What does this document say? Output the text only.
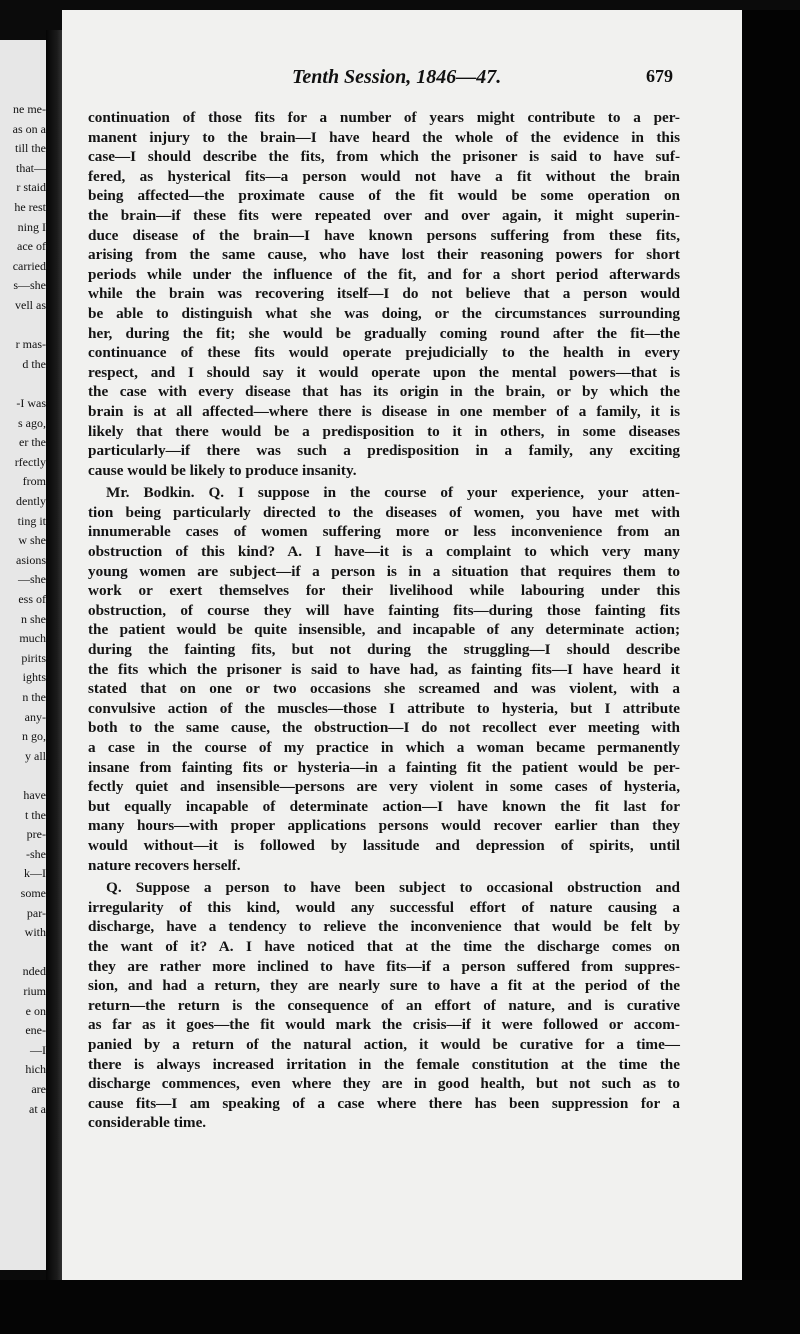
ne me-
as on a
till the
that—
r staid
he rest
ning I
ace of
carried
s—she
vell as
r mas-
d the
-I was
s ago,
er the
rfectly
from
dently
ting it
w she
asions
—she
ess of
n she
much
pirits
ights
n the
any-
n go,
y all
have
t the
pre-
-she
k—I
some
par-
with
nded
rium
e on
ene-
—I
hich
are
at a
Tenth Session, 1846—47.	679
continuation of those fits for a number of years might contribute to a per-
manent injury to the brain—I have heard the whole of the evidence in this
case—I should describe the fits, from which the prisoner is said to have suf-
fered, as hysterical fits—a person would not have a fit without the brain
being affected—the proximate cause of the fit would be some operation on
the brain—if these fits were repeated over and over again, it might superin-
duce disease of the brain—I have known persons suffering from these fits,
arising from the same cause, who have lost their reasoning powers for short
periods while under the influence of the fit, and for a short period afterwards
while the brain was recovering itself—I do not believe that a person would
be able to distinguish what she was doing, or the circumstances surrounding
her, during the fit; she would be gradually coming round after the fit—the
continuance of these fits would operate prejudicially to the health in every
respect, and I should say it would operate upon the mental powers—that is
the case with every disease that has its origin in the brain, or by which the
brain is at all affected—where there is disease in one member of a family, it is
likely that there would be a predisposition to it in others, in some diseases
particularly—if there was such a predisposition in a family, any exciting
cause would be likely to produce insanity.
Mr. Bodkin. Q. I suppose in the course of your experience, your atten-
tion being particularly directed to the diseases of women, you have met with
innumerable cases of women suffering more or less inconvenience from an
obstruction of this kind? A. I have—it is a complaint to which very many
young women are subject—if a person is in a situation that requires them to
work or exert themselves for their livelihood while labouring under this
obstruction, of course they will have fainting fits—during those fainting fits
the patient would be quite insensible, and incapable of any determinate action;
during the fainting fits, but not during the struggling—I should describe
the fits which the prisoner is said to have had, as fainting fits—I have heard it
stated that on one or two occasions she screamed and was violent, with a
convulsive action of the muscles—those I attribute to hysteria, but I attribute
both to the same cause, the obstruction—I do not recollect ever meeting with
a case in the course of my practice in which a woman became permanently
insane from fainting fits or hysteria—in a fainting fit the patient would be per-
fectly quiet and insensible—persons are very violent in some cases of hysteria,
but equally incapable of determinate action—I have known the fit last for
many hours—with proper applications persons would recover earlier than they
would without—it is followed by lassitude and depression of spirits, until
nature recovers herself.
Q. Suppose a person to have been subject to occasional obstruction and
irregularity of this kind, would any successful effort of nature causing a
discharge, have a tendency to relieve the inconvenience that would be felt by
the want of it? A. I have noticed that at the time the discharge comes on
they are rather more inclined to have fits—if a person suffered from suppres-
sion, and had a return, they are nearly sure to have a fit at the period of the
return—the return is the consequence of an effort of nature, and is curative
as far as it goes—the fit would mark the crisis—if it were followed or accom-
panied by a return of the natural action, it would be curative for a time—
there is always increased irritation in the female constitution at the time the
discharge commences, even where they are in good health, but not such as to
cause fits—I am speaking of a case where there has been suppression for a
considerable time.
